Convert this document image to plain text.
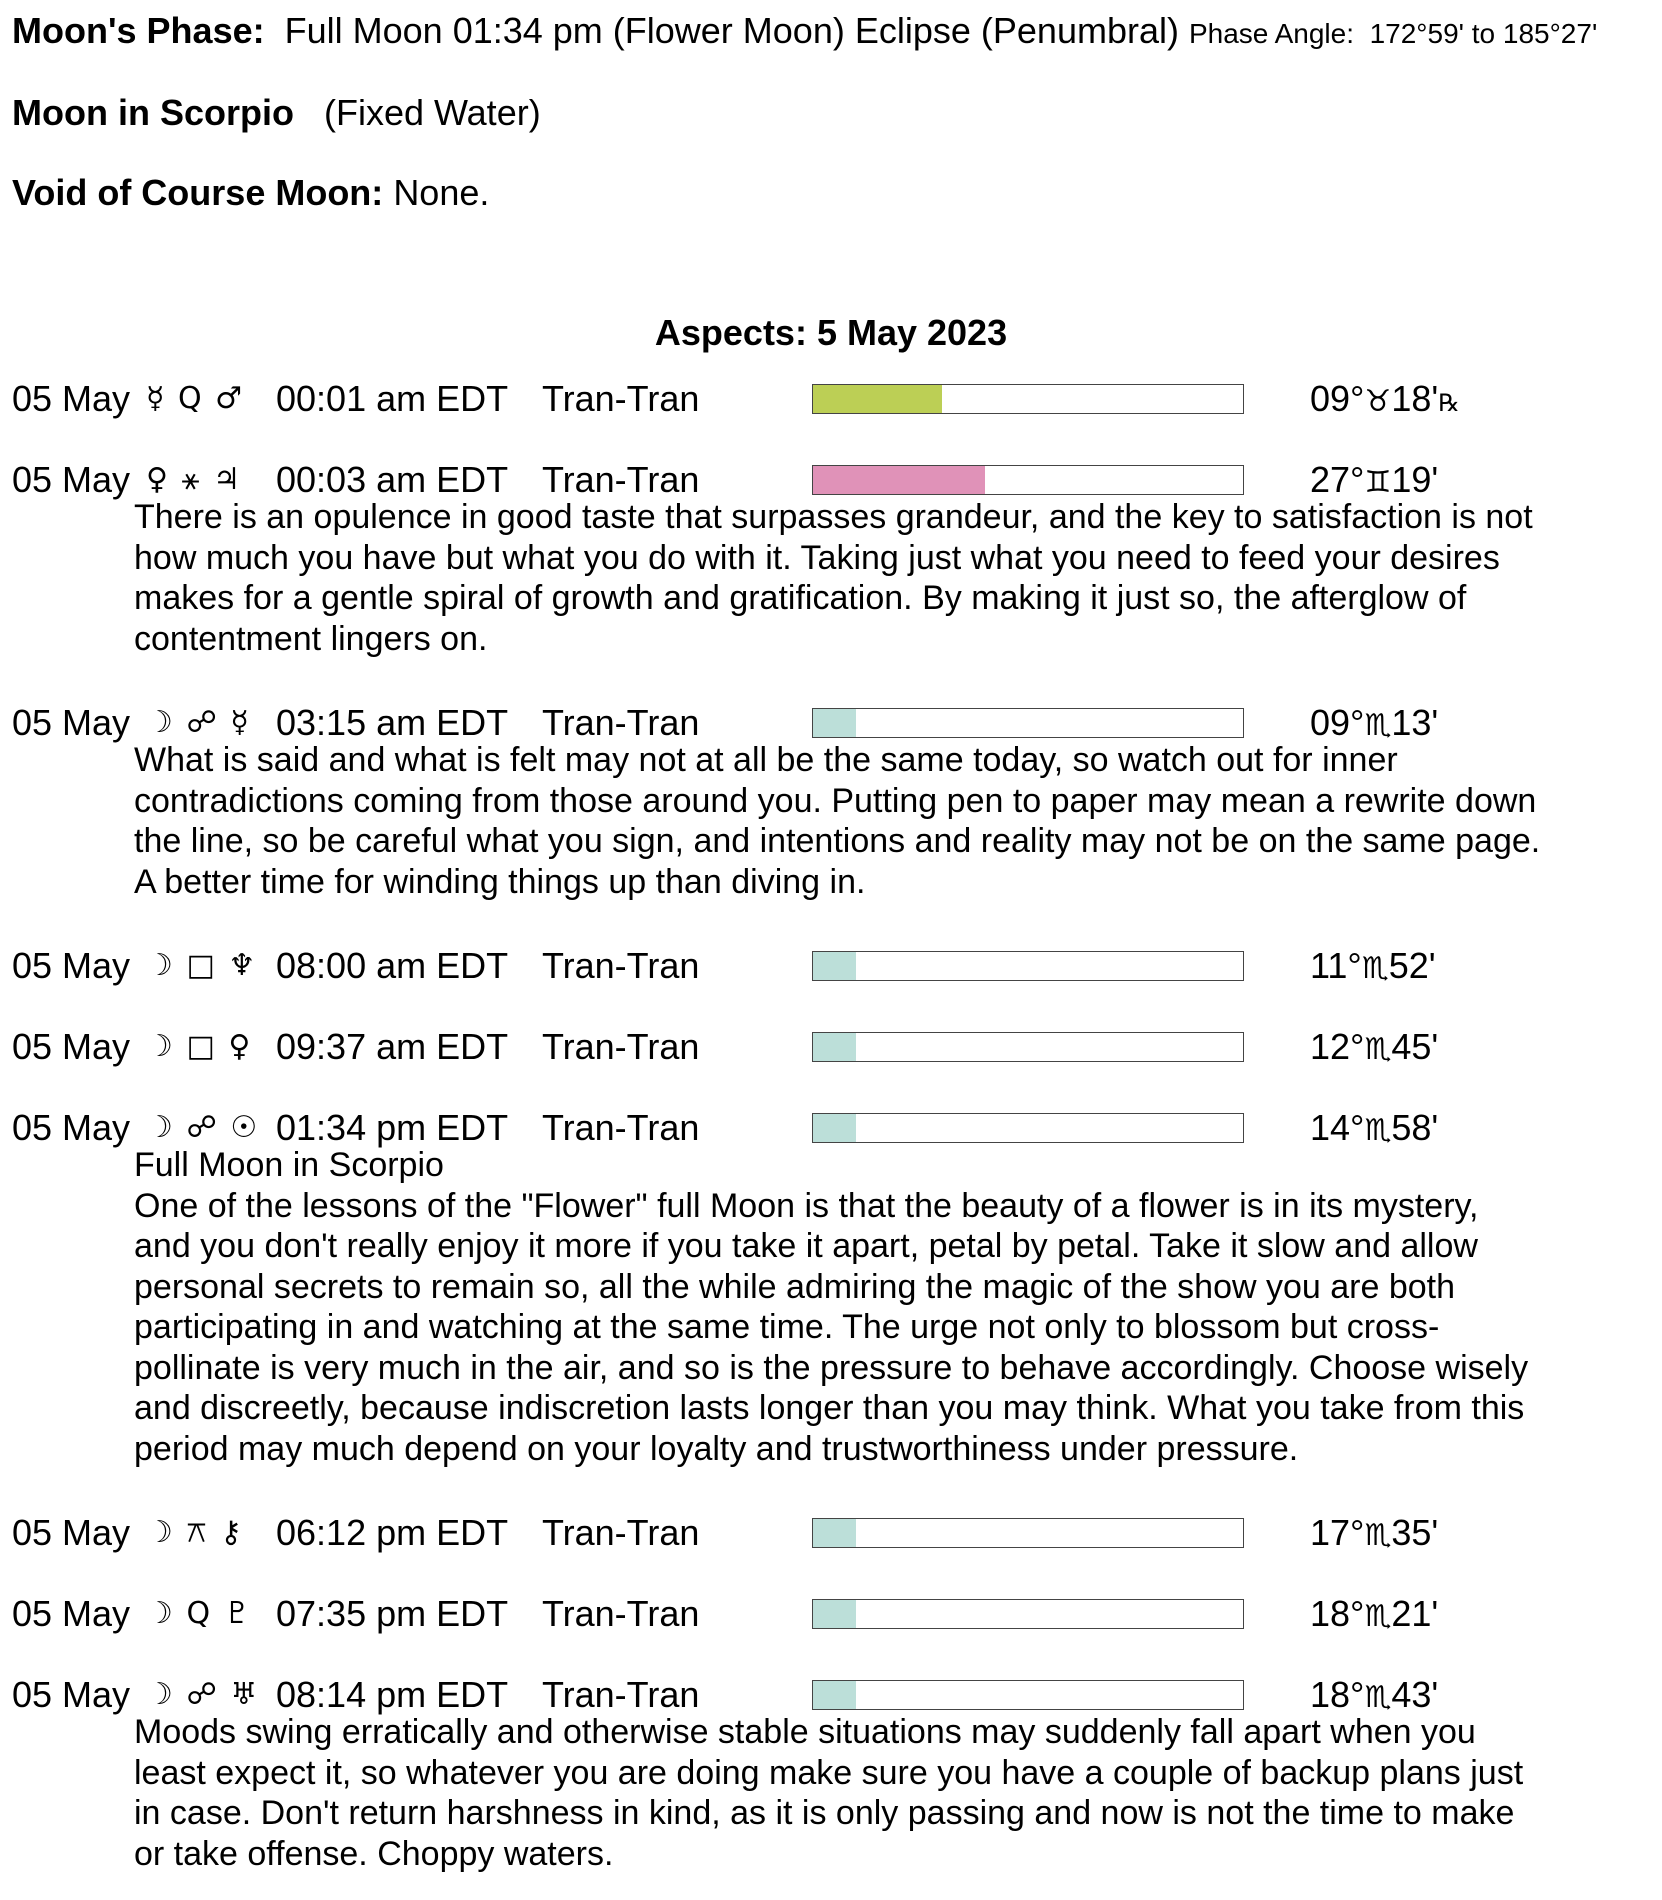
Moon's Phase: Full Moon 01:34 pm (Flower Moon) Eclipse (Penumbral) Phase Angle: 172°59' to 185°27'
Moon in Scorpio (Fixed Water)
Void of Course Moon: None.
Aspects: 5 May 2023
05 May ☿ Q ♂ 00:01 am EDT Tran-Tran	09°♉18'℞
05 May ♀ ⚹ ♃ 00:03 am EDT Tran-Tran	27°♊19'
There is an opulence in good taste that surpasses grandeur, and the key to satisfaction is not
how much you have but what you do with it. Taking just what you need to feed your desires
makes for a gentle spiral of growth and gratification. By making it just so, the afterglow of
contentment lingers on.
05 May ☽ ☍ ☿ 03:15 am EDT Tran-Tran	09°♏13'
What is said and what is felt may not at all be the same today, so watch out for inner
contradictions coming from those around you. Putting pen to paper may mean a rewrite down
the line, so be careful what you sign, and intentions and reality may not be on the same page.
A better time for winding things up than diving in.
05 May ☽ □ ♆ 08:00 am EDT Tran-Tran	11°♏52'
05 May ☽ □ ♀ 09:37 am EDT Tran-Tran	12°♏45'
05 May ☽ ☍ ☉ 01:34 pm EDT Tran-Tran	14°♏58'
Full Moon in Scorpio
One of the lessons of the "Flower" full Moon is that the beauty of a flower is in its mystery,
and you don't really enjoy it more if you take it apart, petal by petal. Take it slow and allow
personal secrets to remain so, all the while admiring the magic of the show you are both
participating in and watching at the same time. The urge not only to blossom but cross-
pollinate is very much in the air, and so is the pressure to behave accordingly. Choose wisely
and discreetly, because indiscretion lasts longer than you may think. What you take from this
period may much depend on your loyalty and trustworthiness under pressure.
05 May ☽ ⚻ ⚷ 06:12 pm EDT Tran-Tran	17°♏35'
05 May ☽ Q ♇ 07:35 pm EDT Tran-Tran	18°♏21'
05 May ☽ ☍ ♅ 08:14 pm EDT Tran-Tran	18°♏43'
Moods swing erratically and otherwise stable situations may suddenly fall apart when you
least expect it, so whatever you are doing make sure you have a couple of backup plans just
in case. Don't return harshness in kind, as it is only passing and now is not the time to make
or take offense. Choppy waters.
